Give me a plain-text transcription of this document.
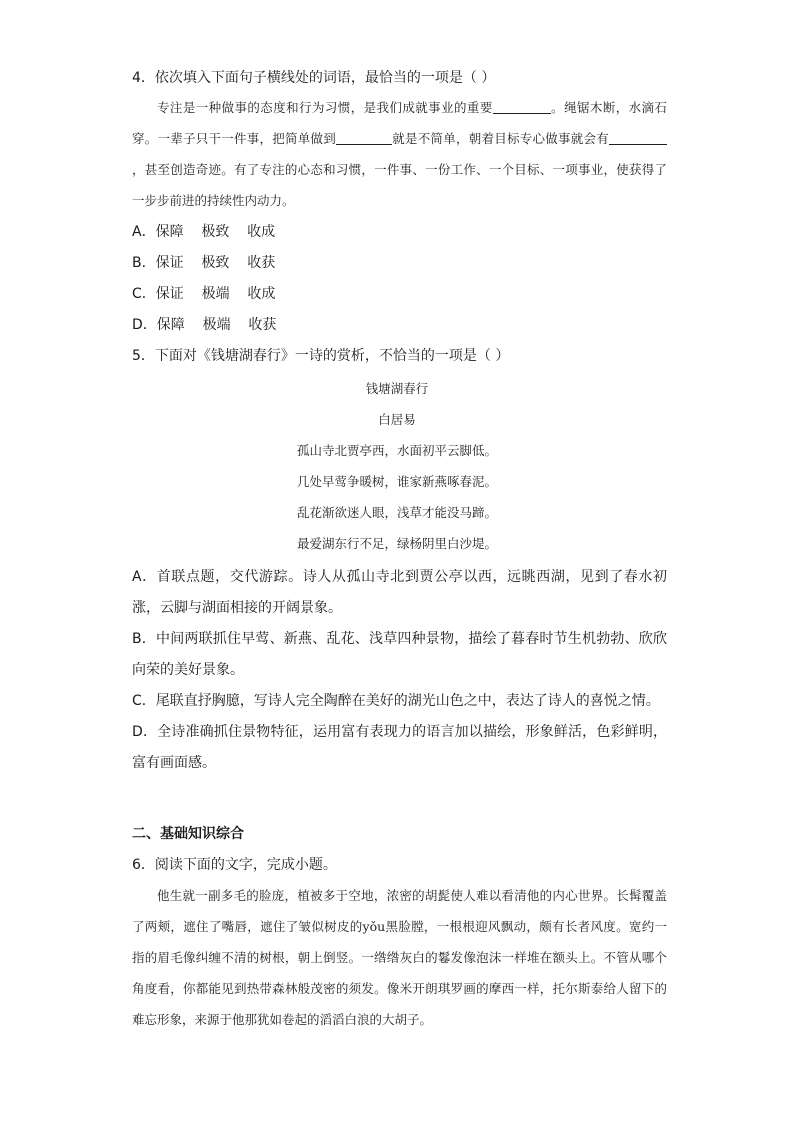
4．依次填入下面句子横线处的词语，最恰当的一项是（ ）
专注是一种做事的态度和行为习惯，是我们成就事业的重要	。绳锯木断，水滴石穿。一辈子只干一件事，把简单做到	就是不简单，朝着目标专心做事就会有，甚至创造奇迹。有了专注的心态和习惯，一件事、一份工作、一个目标、一项事业，使获得了一步步前进的持续性内动力。
A．保障    极致    收成
B．保证    极致    收获
C．保证    极端    收成
D．保障    极端    收获
5．下面对《钱塘湖春行》一诗的赏析，不恰当的一项是（ ）
钱塘湖春行
白居易
孤山寺北贾亭西，水面初平云脚低。
几处早莺争暖树，谁家新燕啄春泥。
乱花渐欲迷人眼，浅草才能没马蹄。
最爱湖东行不足，绿杨阴里白沙堤。
A．首联点题，交代游踪。诗人从孤山寺北到贾公亭以西，远眺西湖，见到了春水初涨，云脚与湖面相接的开阔景象。
B．中间两联抓住早莺、新燕、乱花、浅草四种景物，描绘了暮春时节生机勃勃、欣欣向荣的美好景象。
C．尾联直抒胸臆，写诗人完全陶醉在美好的湖光山色之中，表达了诗人的喜悦之情。
D．全诗准确抓住景物特征，运用富有表现力的语言加以描绘，形象鲜活，色彩鲜明，富有画面感。
二、基础知识综合
6．阅读下面的文字，完成小题。
他生就一副多毛的脸庞，植被多于空地，浓密的胡髭使人难以看清他的内心世界。长髯覆盖了两颊，遮住了嘴唇，遮住了皱似树皮的yǒu黑脸膛，一根根迎风飘动，颇有长者风度。宽约一指的眉毛像纠缠不清的树根，朝上倒竖。一绺绺灰白的鬈发像泡沫一样堆在额头上。不管从哪个角度看，你都能见到热带森林般茂密的须发。像米开朗琪罗画的摩西一样，托尔斯泰给人留下的难忘形象，来源于他那犹如卷起的滔滔白浪的大胡子。
